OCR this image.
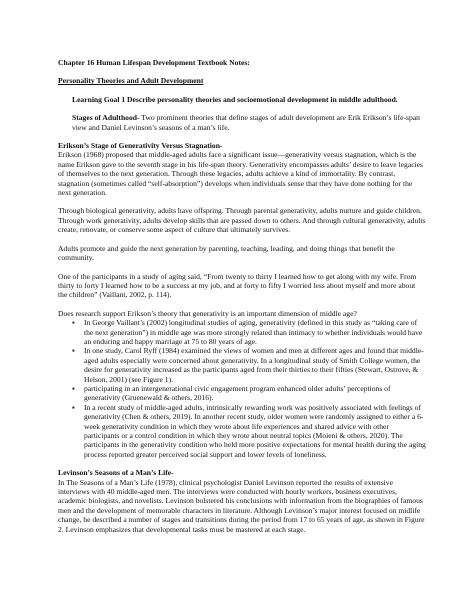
Chapter 16 Human Lifespan Development Textbook Notes:

Personality Theories and Adult Development

Learning Goal 1 Describe personality theories and socioemotional development in middle adulthood.

Stages of Adulthood- Two prominent theories that define stages of adult development are Erik Erikson’s life-span view and Daniel Levinson’s seasons of a man’s life.

Erikson’s Stage of Generativity Versus Stagnation-

Erikson (1968) proposed that middle-aged adults face a significant issue—generativity versus stagnation, which is the name Erikson gave to the seventh stage in his life-span theory. Generativity encompasses adults’ desire to leave legacies of themselves to the next generation. Through these legacies, adults achieve a kind of immortality. By contrast, stagnation (sometimes called “self-absorption”) develops when individuals sense that they have done nothing for the next generation.

Through biological generativity, adults have offspring. Through parental generativity, adults nurture and guide children. Through work generativity, adults develop skills that are passed down to others. And through cultural generativity, adults create, renovate, or conserve some aspect of culture that ultimately survives.

Adults promote and guide the next generation by parenting, teaching, leading, and doing things that benefit the community.

One of the participants in a study of aging said, “From twenty to thirty I learned how to get along with my wife. From thirty to forty I learned how to be a success at my job, and at forty to fifty I worried less about myself and more about the children” (Vaillant, 2002, p. 114).

Does research support Erikson’s theory that generativity is an important dimension of middle age?

▪ In George Vaillant’s (2002) longitudinal studies of aging, generativity (defined in this study as “taking care of the next generation”) in middle age was more strongly related than intimacy to whether individuals would have an enduring and happy marriage at 75 to 80 years of age.
▪ In one study, Carol Ryff (1984) examined the views of women and men at different ages and found that middle-aged adults especially were concerned about generativity. In a longitudinal study of Smith College women, the desire for generativity increased as the participants aged from their thirties to their fifties (Stewart, Ostrove, & Helson, 2001) (see Figure 1).
▪ participating in an intergenerational civic engagement program enhanced older adults’ perceptions of generativity (Gruenewald & others, 2016).
▪ In a recent study of middle-aged adults, intrinsically rewarding work was positively associated with feelings of generativity (Chen & others, 2019). In another recent study, older women were randomly assigned to either a 6-week generativity condition in which they wrote about life experiences and shared advice with other participants or a control condition in which they wrote about neutral topics (Moieni & others, 2020). The participants in the generativity condition who held more positive expectations for mental health during the aging process reported greater perceived social support and lower levels of loneliness.

Levinson’s Seasons of a Man’s Life-

In The Seasons of a Man’s Life (1978), clinical psychologist Daniel Levinson reported the results of extensive interviews with 40 middle-aged men. The interviews were conducted with hourly workers, business executives, academic biologists, and novelists. Levinson bolstered his conclusions with information from the biographies of famous men and the development of memorable characters in literature. Although Levinson’s major interest focused on midlife change, he described a number of stages and transitions during the period from 17 to 65 years of age, as shown in Figure 2. Levinson emphasizes that developmental tasks must be mastered at each stage.
